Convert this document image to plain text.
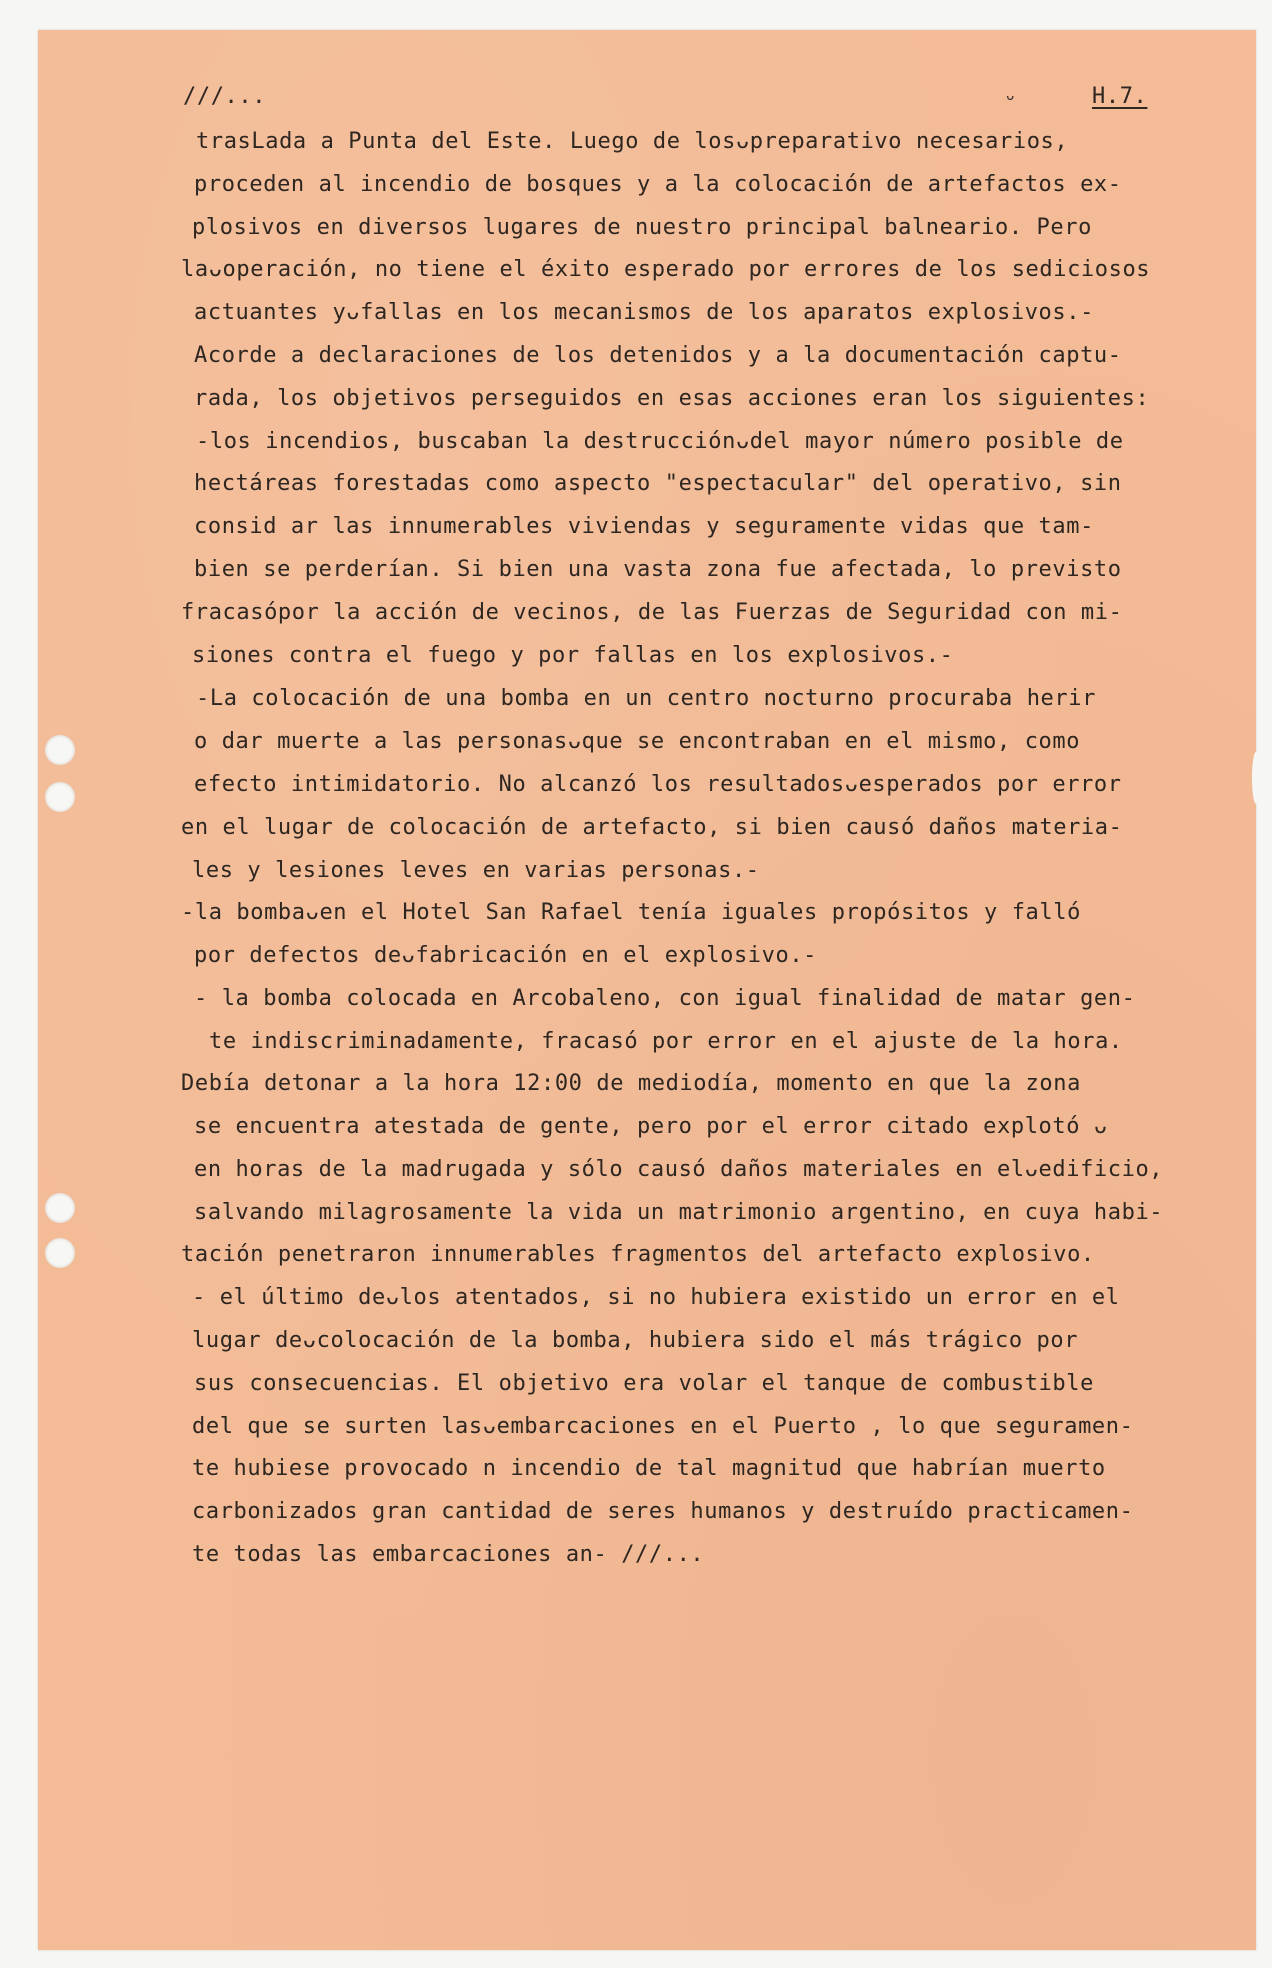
///...	ᴗ	H.7.
trasLada a Punta del Este. Luego de losᴗpreparativo necesarios,
proceden al incendio de bosques y a la colocación de artefactos ex-
plosivos en diversos lugares de nuestro principal balneario. Pero
laᴗoperación, no tiene el éxito esperado por errores de los sediciosos
actuantes yᴗfallas en los mecanismos de los aparatos explosivos.-
Acorde a declaraciones de los detenidos y a la documentación captu-
rada, los objetivos perseguidos en esas acciones eran los siguientes:
-los incendios, buscaban la destrucciónᴗdel mayor número posible de
hectáreas forestadas como aspecto "espectacular" del operativo, sin
consid ar las innumerables viviendas y seguramente vidas que tam-
bien se perderían. Si bien una vasta zona fue afectada, lo previsto
fracasópor la acción de vecinos, de las Fuerzas de Seguridad con mi-
siones contra el fuego y por fallas en los explosivos.-
-La colocación de una bomba en un centro nocturno procuraba herir
o dar muerte a las personasᴗque se encontraban en el mismo, como
efecto intimidatorio. No alcanzó los resultadosᴗesperados por error
en el lugar de colocación de artefacto, si bien causó daños materia-
les y lesiones leves en varias personas.-
-la bombaᴗen el Hotel San Rafael tenía iguales propósitos y falló
por defectos deᴗfabricación en el explosivo.-
- la bomba colocada en Arcobaleno, con igual finalidad de matar gen-
te indiscriminadamente, fracasó por error en el ajuste de la hora.
Debía detonar a la hora 12:00 de mediodía, momento en que la zona
se encuentra atestada de gente, pero por el error citado explotó ᴗ
en horas de la madrugada y sólo causó daños materiales en elᴗedificio,
salvando milagrosamente la vida un matrimonio argentino, en cuya habi-
tación penetraron innumerables fragmentos del artefacto explosivo.
- el último deᴗlos atentados, si no hubiera existido un error en el
lugar deᴗcolocación de la bomba, hubiera sido el más trágico por
sus consecuencias. El objetivo era volar el tanque de combustible
del que se surten lasᴗembarcaciones en el Puerto , lo que seguramen-
te hubiese provocado n incendio de tal magnitud que habrían muerto
carbonizados gran cantidad de seres humanos y destruído practicamen-
te todas las embarcaciones an- ///...
